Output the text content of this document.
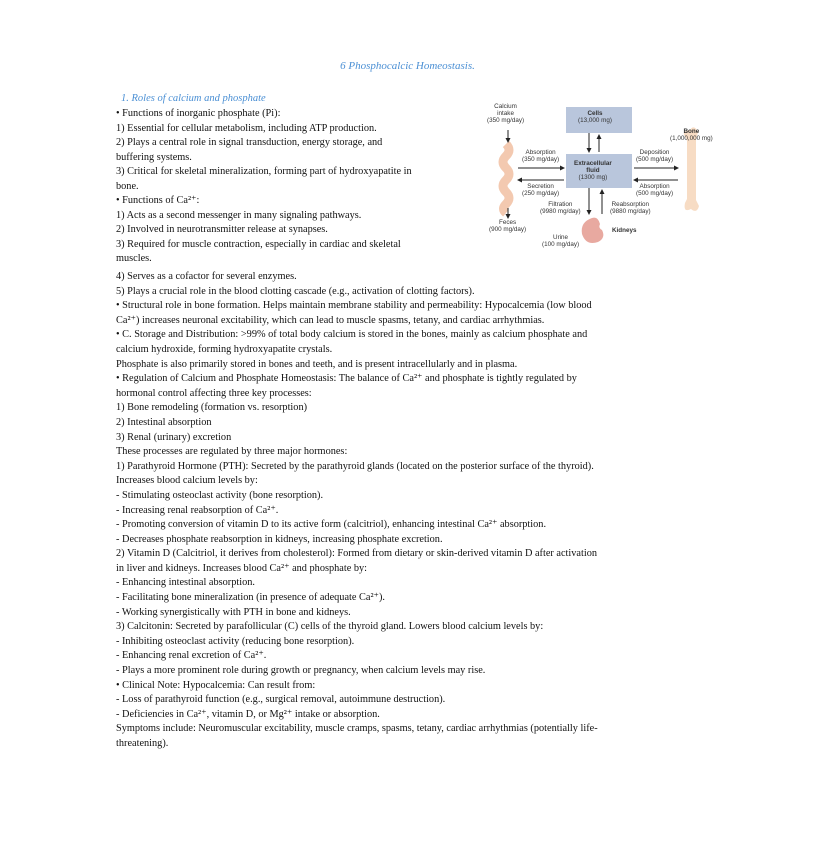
6 Phosphocalcic Homeostasis.
1. Roles of calcium and phosphate
• Functions of inorganic phosphate (Pi):
1) Essential for cellular metabolism, including ATP production.
2) Plays a central role in signal transduction, energy storage, and
buffering systems.
3) Critical for skeletal mineralization, forming part of hydroxyapatite in
bone.
• Functions of Ca²⁺:
1) Acts as a second messenger in many signaling pathways.
2) Involved in neurotransmitter release at synapses.
3) Required for muscle contraction, especially in cardiac and skeletal
muscles.
Calcium
intake
(350 mg/day)
Cells
(13,000 mg)
Bone
(1,000,000 mg)
Absorption
(350 mg/day)
Extracellular
fluid
(1300 mg)
Deposition
(500 mg/day)
Secretion
(250 mg/day)
Absorption
(500 mg/day)
Filtration
(9980 mg/day)
Reabsorption
(9880 mg/day)
Feces
(900 mg/day)
Urine
(100 mg/day)
Kidneys
4) Serves as a cofactor for several enzymes.
5) Plays a crucial role in the blood clotting cascade (e.g., activation of clotting factors).
• Structural role in bone formation. Helps maintain membrane stability and permeability: Hypocalcemia (low blood
Ca²⁺) increases neuronal excitability, which can lead to muscle spasms, tetany, and cardiac arrhythmias.
• C. Storage and Distribution: >99% of total body calcium is stored in the bones, mainly as calcium phosphate and
calcium hydroxide, forming hydroxyapatite crystals.
Phosphate is also primarily stored in bones and teeth, and is present intracellularly and in plasma.
• Regulation of Calcium and Phosphate Homeostasis: The balance of Ca²⁺ and phosphate is tightly regulated by
hormonal control affecting three key processes:
1) Bone remodeling (formation vs. resorption)
2) Intestinal absorption
3) Renal (urinary) excretion
These processes are regulated by three major hormones:
1) Parathyroid Hormone (PTH): Secreted by the parathyroid glands (located on the posterior surface of the thyroid).
Increases blood calcium levels by:
- Stimulating osteoclast activity (bone resorption).
- Increasing renal reabsorption of Ca²⁺.
- Promoting conversion of vitamin D to its active form (calcitriol), enhancing intestinal Ca²⁺ absorption.
- Decreases phosphate reabsorption in kidneys, increasing phosphate excretion.
2) Vitamin D (Calcitriol, it derives from cholesterol): Formed from dietary or skin-derived vitamin D after activation
in liver and kidneys. Increases blood Ca²⁺ and phosphate by:
- Enhancing intestinal absorption.
- Facilitating bone mineralization (in presence of adequate Ca²⁺).
- Working synergistically with PTH in bone and kidneys.
3) Calcitonin: Secreted by parafollicular (C) cells of the thyroid gland. Lowers blood calcium levels by:
- Inhibiting osteoclast activity (reducing bone resorption).
- Enhancing renal excretion of Ca²⁺.
- Plays a more prominent role during growth or pregnancy, when calcium levels may rise.
• Clinical Note: Hypocalcemia: Can result from:
- Loss of parathyroid function (e.g., surgical removal, autoimmune destruction).
- Deficiencies in Ca²⁺, vitamin D, or Mg²⁺ intake or absorption.
Symptoms include: Neuromuscular excitability, muscle cramps, spasms, tetany, cardiac arrhythmias (potentially life-
threatening).
